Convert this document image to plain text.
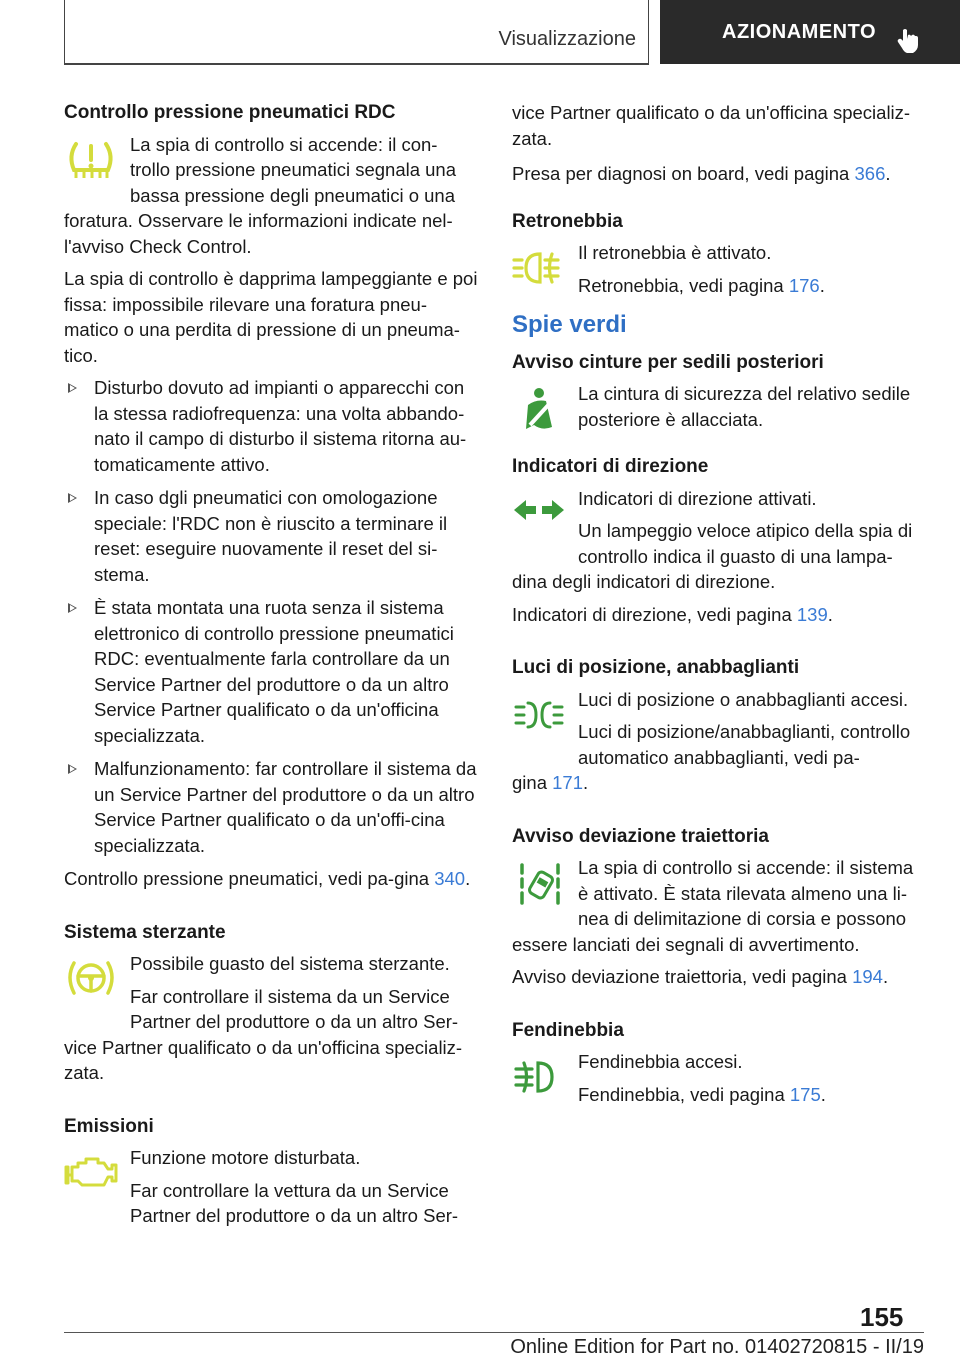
Visualizzazione	AZIONAMENTO
Controllo pressione pneumatici RDC
La spia di controllo si accende: il con-
trollo pressione pneumatici segnala una
bassa pressione degli pneumatici o una

foratura. Osservare le informazioni indicate nel-l'avviso Check Control.

La spia di controllo è dapprima lampeggiante e poi fissa: impossibile rilevare una foratura pneu-matico o una perdita di pressione di un pneuma-tico.

Disturbo dovuto ad impianti o apparecchi con la stessa radiofrequenza: una volta abbando-nato il campo di disturbo il sistema ritorna au-tomaticamente attivo.
In caso dgli pneumatici con omologazione speciale: l'RDC non è riuscito a terminare il reset: eseguire nuovamente il reset del si-stema.
È stata montata una ruota senza il sistema elettronico di controllo pressione pneumatici RDC: eventualmente farla controllare da un Service Partner del produttore o da un altro Service Partner qualificato o da un'officina specializzata.
Malfunzionamento: far controllare il sistema da un Service Partner del produttore o da un altro Service Partner qualificato o da un'offi-cina specializzata.

Controllo pressione pneumatici, vedi pa-gina 340.

Sistema sterzante

Possibile guasto del sistema sterzante.

Far controllare il sistema da un Service
Partner del produttore o da un altro Ser-

vice Partner qualificato o da un'officina specializ-zata.

Emissioni

Funzione motore disturbata.

Far controllare la vettura da un Service
Partner del produttore o da un altro Ser-

vice Partner qualificato o da un'officina specializ-zata.

Presa per diagnosi on board, vedi pagina 366.

Retronebbia

Il retronebbia è attivato.

Retronebbia, vedi pagina 176.

Spie verdi
Avviso cinture per sedili posteriori

La cintura di sicurezza del relativo sedile posteriore è allacciata.

Indicatori di direzione

Indicatori di direzione attivati.

Un lampeggio veloce atipico della spia di
controllo indica il guasto di una lampa-

dina degli indicatori di direzione.

Indicatori di direzione, vedi pagina 139.

Luci di posizione, anabbaglianti

Luci di posizione o anabbaglianti accesi.

Luci di posizione/anabbaglianti, controllo
automatico anabbaglianti, vedi pa-

gina 171.

Avviso deviazione traiettoria
La spia di controllo si accende: il sistema
è attivato. È stata rilevata almeno una li-
nea di delimitazione di corsia e possono

essere lanciati dei segnali di avvertimento.

Avviso deviazione traiettoria, vedi pagina 194.

Fendinebbia

Fendinebbia accesi.

Fendinebbia, vedi pagina 175.

155
Online Edition for Part no. 01402720815 - II/19
